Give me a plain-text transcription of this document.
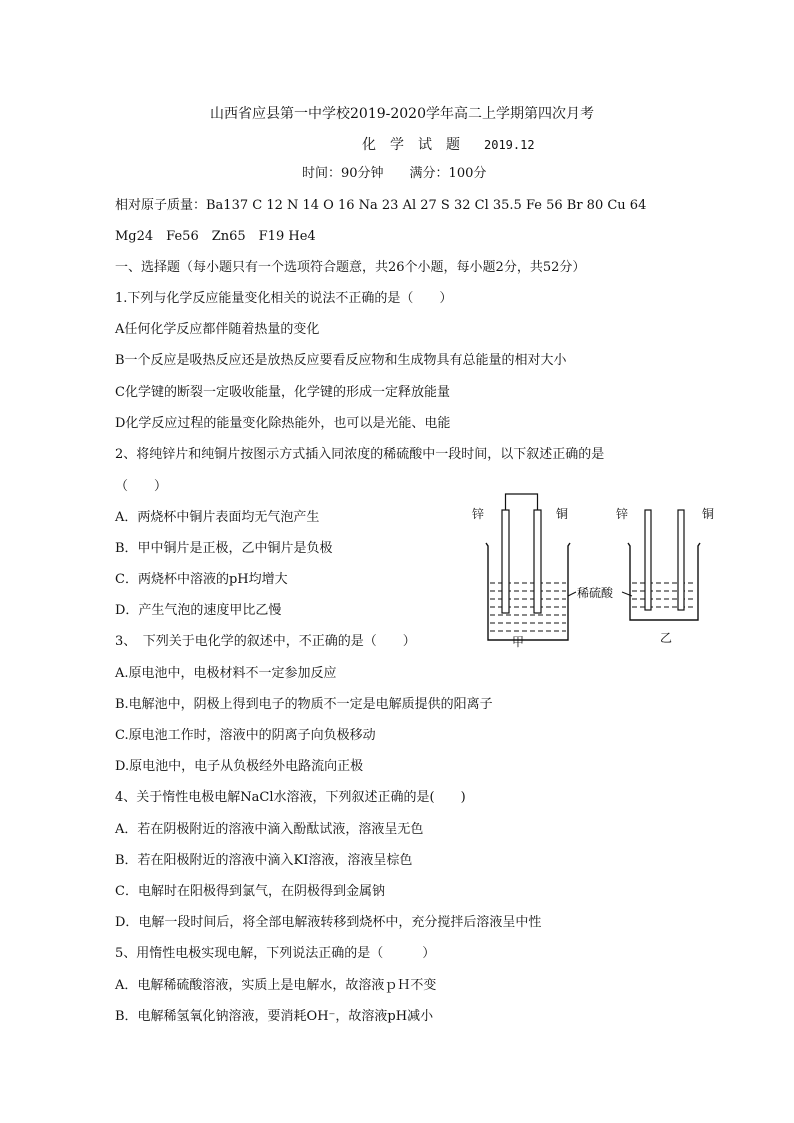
山西省应县第一中学校2019-2020学年高二上学期第四次月考
化　学　试　题 2019.12
时间：90分钟　　满分：100分
相对原子质量：Ba137 C 12 N 14 O 16 Na 23 Al 27 S 32 Cl 35.5 Fe 56 Br 80 Cu 64
Mg24　Fe56　Zn65　F19 He4
一、选择题（每小题只有一个选项符合题意，共26个小题，每小题2分，共52分）
1.下列与化学反应能量变化相关的说法不正确的是（　　）
A任何化学反应都伴随着热量的变化
B一个反应是吸热反应还是放热反应要看反应物和生成物具有总能量的相对大小
C化学键的断裂一定吸收能量，化学键的形成一定释放能量
D化学反应过程的能量变化除热能外，也可以是光能、电能
2、将纯锌片和纯铜片按图示方式插入同浓度的稀硫酸中一段时间，以下叙述正确的是
（　　）
A．两烧杯中铜片表面均无气泡产生
B．甲中铜片是正极，乙中铜片是负极
C．两烧杯中溶液的pH均增大
D．产生气泡的速度甲比乙慢
锌	铜	锌	铜
稀硫酸
甲	乙
3、　下列关于电化学的叙述中，不正确的是（　　）
A.原电池中，电极材料不一定参加反应
B.电解池中，阴极上得到电子的物质不一定是电解质提供的阳离子
C.原电池工作时，溶液中的阴离子向负极移动
D.原电池中，电子从负极经外电路流向正极
4、关于惰性电极电解NaCl水溶液，下列叙述正确的是(　　)
A．若在阴极附近的溶液中滴入酚酞试液，溶液呈无色
B．若在阳极附近的溶液中滴入KI溶液，溶液呈棕色
C．电解时在阳极得到氯气，在阴极得到金属钠
D．电解一段时间后，将全部电解液转移到烧杯中，充分搅拌后溶液呈中性
5、用惰性电极实现电解，下列说法正确的是（　　　）
A．电解稀硫酸溶液，实质上是电解水，故溶液ｐＨ不变
B．电解稀氢氧化钠溶液，要消耗OH⁻，故溶液pH减小
